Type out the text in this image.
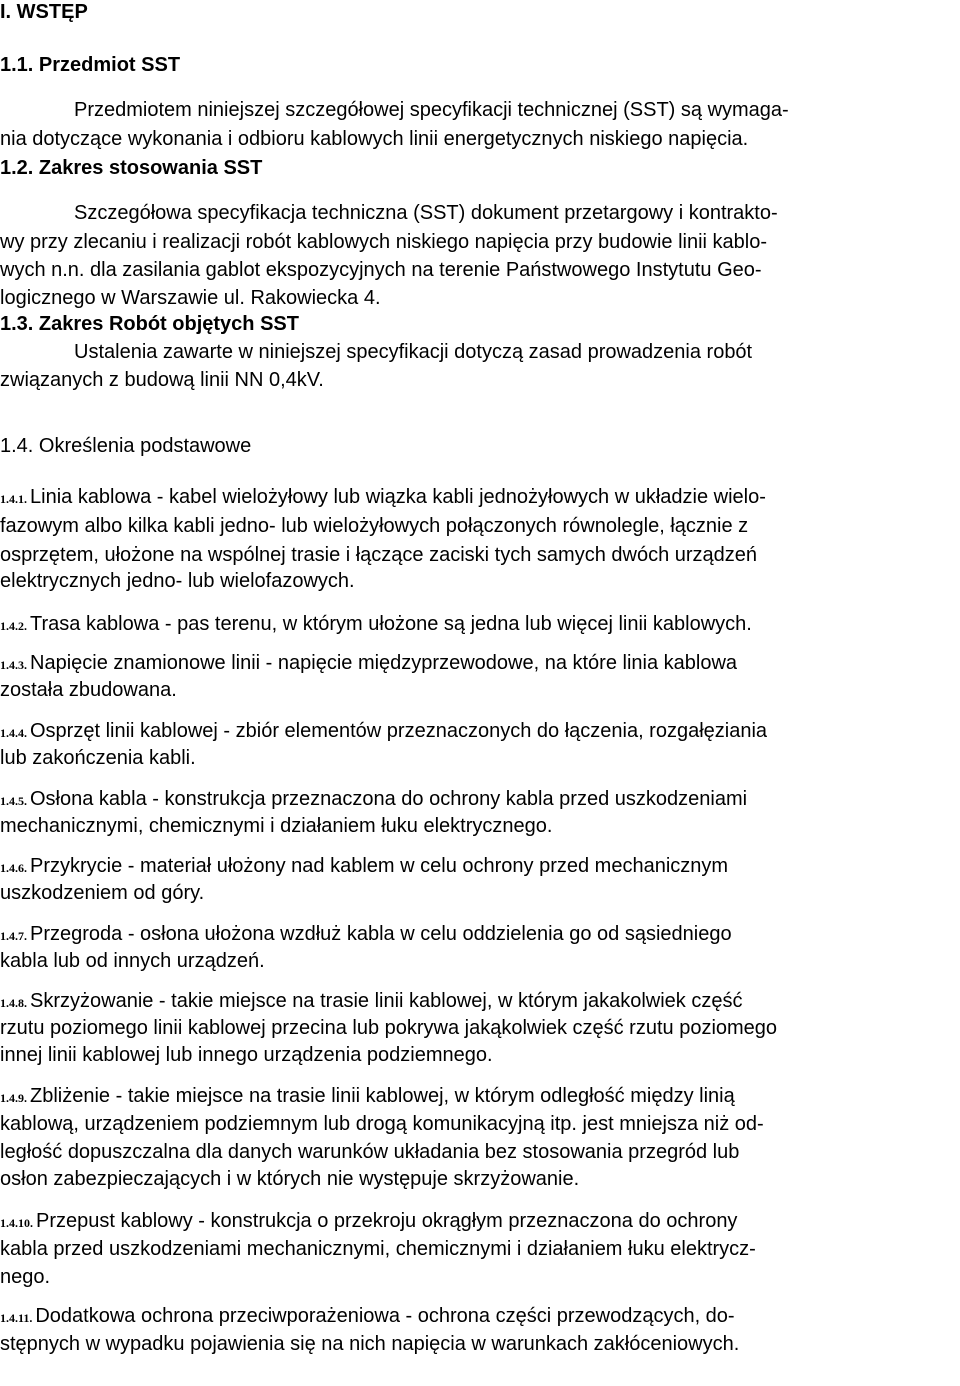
I. WSTĘP
1.1. Przedmiot SST
Przedmiotem niniejszej szczegółowej specyfikacji technicznej (SST) są wymaga-
nia dotyczące wykonania i odbioru kablowych linii energetycznych niskiego napięcia.
1.2. Zakres stosowania SST
Szczegółowa specyfikacja techniczna (SST) dokument przetargowy i kontrakto-
wy przy zlecaniu i realizacji robót kablowych niskiego napięcia przy budowie linii kablo-
wych n.n. dla zasilania gablot ekspozycyjnych na terenie Państwowego Instytutu Geo-
logicznego w Warszawie ul. Rakowiecka 4.
1.3. Zakres Robót objętych SST
Ustalenia zawarte w niniejszej specyfikacji dotyczą zasad prowadzenia robót
związanych z budową linii NN 0,4kV.
1.4. Określenia podstawowe
1.4.1. Linia kablowa - kabel wielożyłowy lub wiązka kabli jednożyłowych w układzie wielo-
fazowym albo kilka kabli jedno- lub wielożyłowych połączonych równolegle, łącznie z
osprzętem, ułożone na wspólnej trasie i łączące zaciski tych samych dwóch urządzeń
elektrycznych jedno- lub wielofazowych.
1.4.2. Trasa kablowa - pas terenu, w którym ułożone są jedna lub więcej linii kablowych.
1.4.3. Napięcie znamionowe linii - napięcie międzyprzewodowe, na które linia kablowa
została zbudowana.
1.4.4. Osprzęt linii kablowej - zbiór elementów przeznaczonych do łączenia, rozgałęziania
lub zakończenia kabli.
1.4.5. Osłona kabla - konstrukcja przeznaczona do ochrony kabla przed uszkodzeniami
mechanicznymi, chemicznymi i działaniem łuku elektrycznego.
1.4.6. Przykrycie - materiał ułożony nad kablem w celu ochrony przed mechanicznym
uszkodzeniem od góry.
1.4.7. Przegroda - osłona ułożona wzdłuż kabla w celu oddzielenia go od sąsiedniego
kabla lub od innych urządzeń.
1.4.8. Skrzyżowanie - takie miejsce na trasie linii kablowej, w którym jakakolwiek część
rzutu poziomego linii kablowej przecina lub pokrywa jakąkolwiek część rzutu poziomego
innej linii kablowej lub innego urządzenia podziemnego.
1.4.9. Zbliżenie - takie miejsce na trasie linii kablowej, w którym odległość między linią
kablową, urządzeniem podziemnym lub drogą komunikacyjną itp. jest mniejsza niż od-
ległość dopuszczalna dla danych warunków układania bez stosowania przegród lub
osłon zabezpieczających i w których nie występuje skrzyżowanie.
1.4.10. Przepust kablowy - konstrukcja o przekroju okrągłym przeznaczona do ochrony
kabla przed uszkodzeniami mechanicznymi, chemicznymi i działaniem łuku elektrycz-
nego.
1.4.11. Dodatkowa ochrona przeciwporażeniowa - ochrona części przewodzących, do-
stępnych w wypadku pojawienia się na nich napięcia w warunkach zakłóceniowych.
